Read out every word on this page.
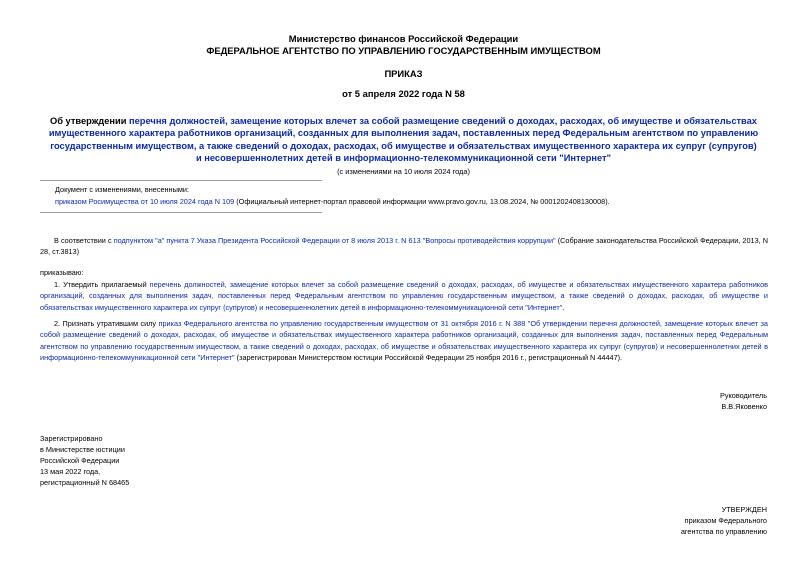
Министерство финансов Российской Федерации
ФЕДЕРАЛЬНОЕ АГЕНТСТВО ПО УПРАВЛЕНИЮ ГОСУДАРСТВЕННЫМ ИМУЩЕСТВОМ
ПРИКАЗ
от 5 апреля 2022 года N 58
Об утверждении перечня должностей, замещение которых влечет за собой размещение сведений о доходах, расходах, об имуществе и обязательствах имущественного характера работников организаций, созданных для выполнения задач, поставленных перед Федеральным агентством по управлению государственным имуществом, а также сведений о доходах, расходах, об имуществе и обязательствах имущественного характера их супруг (супругов) и несовершеннолетних детей в информационно-телекоммуникационной сети "Интернет"
(с изменениями на 10 июля 2024 года)
Документ с изменениями, внесенными:
приказом Росимущества от 10 июля 2024 года N 109 (Официальный интернет-портал правовой информации www.pravo.gov.ru, 13.08.2024, № 0001202408130008).
В соответствии с подпунктом "а" пункта 7 Указа Президента Российской Федерации от 8 июля 2013 г. N 613 "Вопросы противодействия коррупции" (Собрание законодательства Российской Федерации, 2013, N 28, ст.3813)
приказываю:
1. Утвердить прилагаемый перечень должностей, замещение которых влечет за собой размещение сведений о доходах, расходах, об имуществе и обязательствах имущественного характера работников организаций, созданных для выполнения задач, поставленных перед Федеральным агентством по управлению государственным имуществом, а также сведений о доходах, расходах, об имуществе и обязательствах имущественного характера их супруг (супругов) и несовершеннолетних детей в информационно-телекоммуникационной сети "Интернет".
2. Признать утратившим силу приказ Федерального агентства по управлению государственным имуществом от 31 октября 2016 г. N 388 "Об утверждении перечня должностей, замещение которых влечет за собой размещение сведений о доходах, расходах, об имуществе и обязательствах имущественного характера работников организаций, созданных для выполнения задач, поставленных перед Федеральным агентством по управлению государственным имуществом, а также сведений о доходах, расходах, об имуществе и обязательствах имущественного характера их супруг (супругов) и несовершеннолетних детей в информационно-телекоммуникационной сети "Интернет" (зарегистрирован Министерством юстиции Российской Федерации 25 ноября 2016 г., регистрационный N 44447).
Руководитель
В.В.Яковенко
Зарегистрировано
в Министерстве юстиции
Российской Федерации
13 мая 2022 года,
регистрационный N 68465
УТВЕРЖДЕН
приказом Федерального
агентства по управлению
